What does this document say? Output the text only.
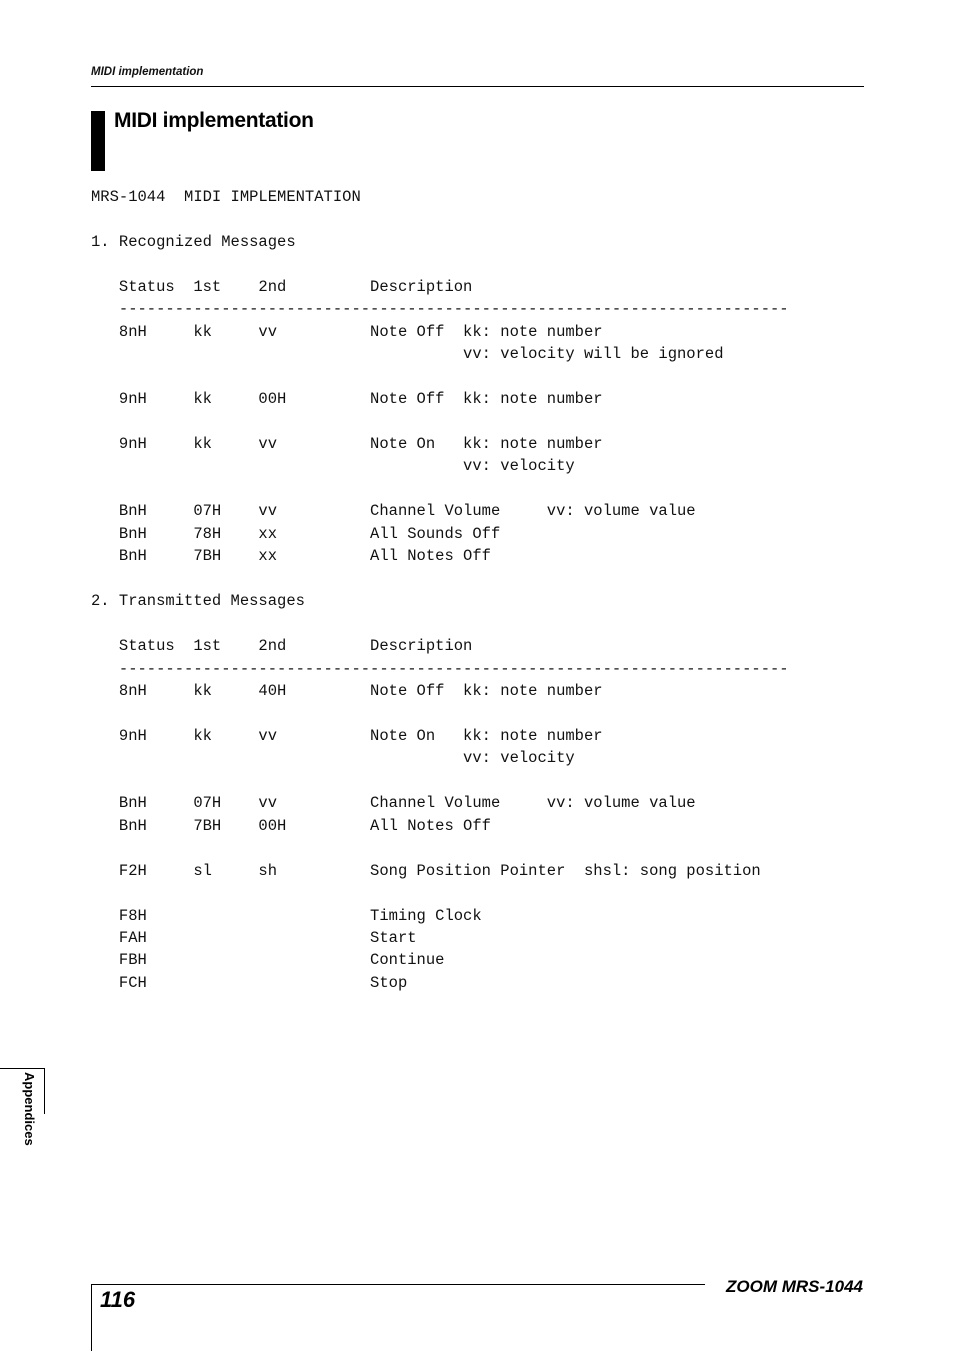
MIDI implementation
MIDI implementation
MRS-1044  MIDI IMPLEMENTATION

1. Recognized Messages

Status  1st    2nd         Description
------------------------------------------------------------------------
8nH     kk     vv          Note Off  kk: note number
vv: velocity will be ignored

9nH     kk     00H         Note Off  kk: note number

9nH     kk     vv          Note On   kk: note number
vv: velocity

BnH     07H    vv          Channel Volume     vv: volume value
BnH     78H    xx          All Sounds Off
BnH     7BH    xx          All Notes Off

2. Transmitted Messages

Status  1st    2nd         Description
------------------------------------------------------------------------
8nH     kk     40H         Note Off  kk: note number

9nH     kk     vv          Note On   kk: note number
vv: velocity

BnH     07H    vv          Channel Volume     vv: volume value
BnH     7BH    00H         All Notes Off

F2H     sl     sh          Song Position Pointer  shsl: song position

F8H                        Timing Clock
FAH                        Start
FBH                        Continue
FCH                        Stop
Appendices
116
ZOOM MRS-1044
